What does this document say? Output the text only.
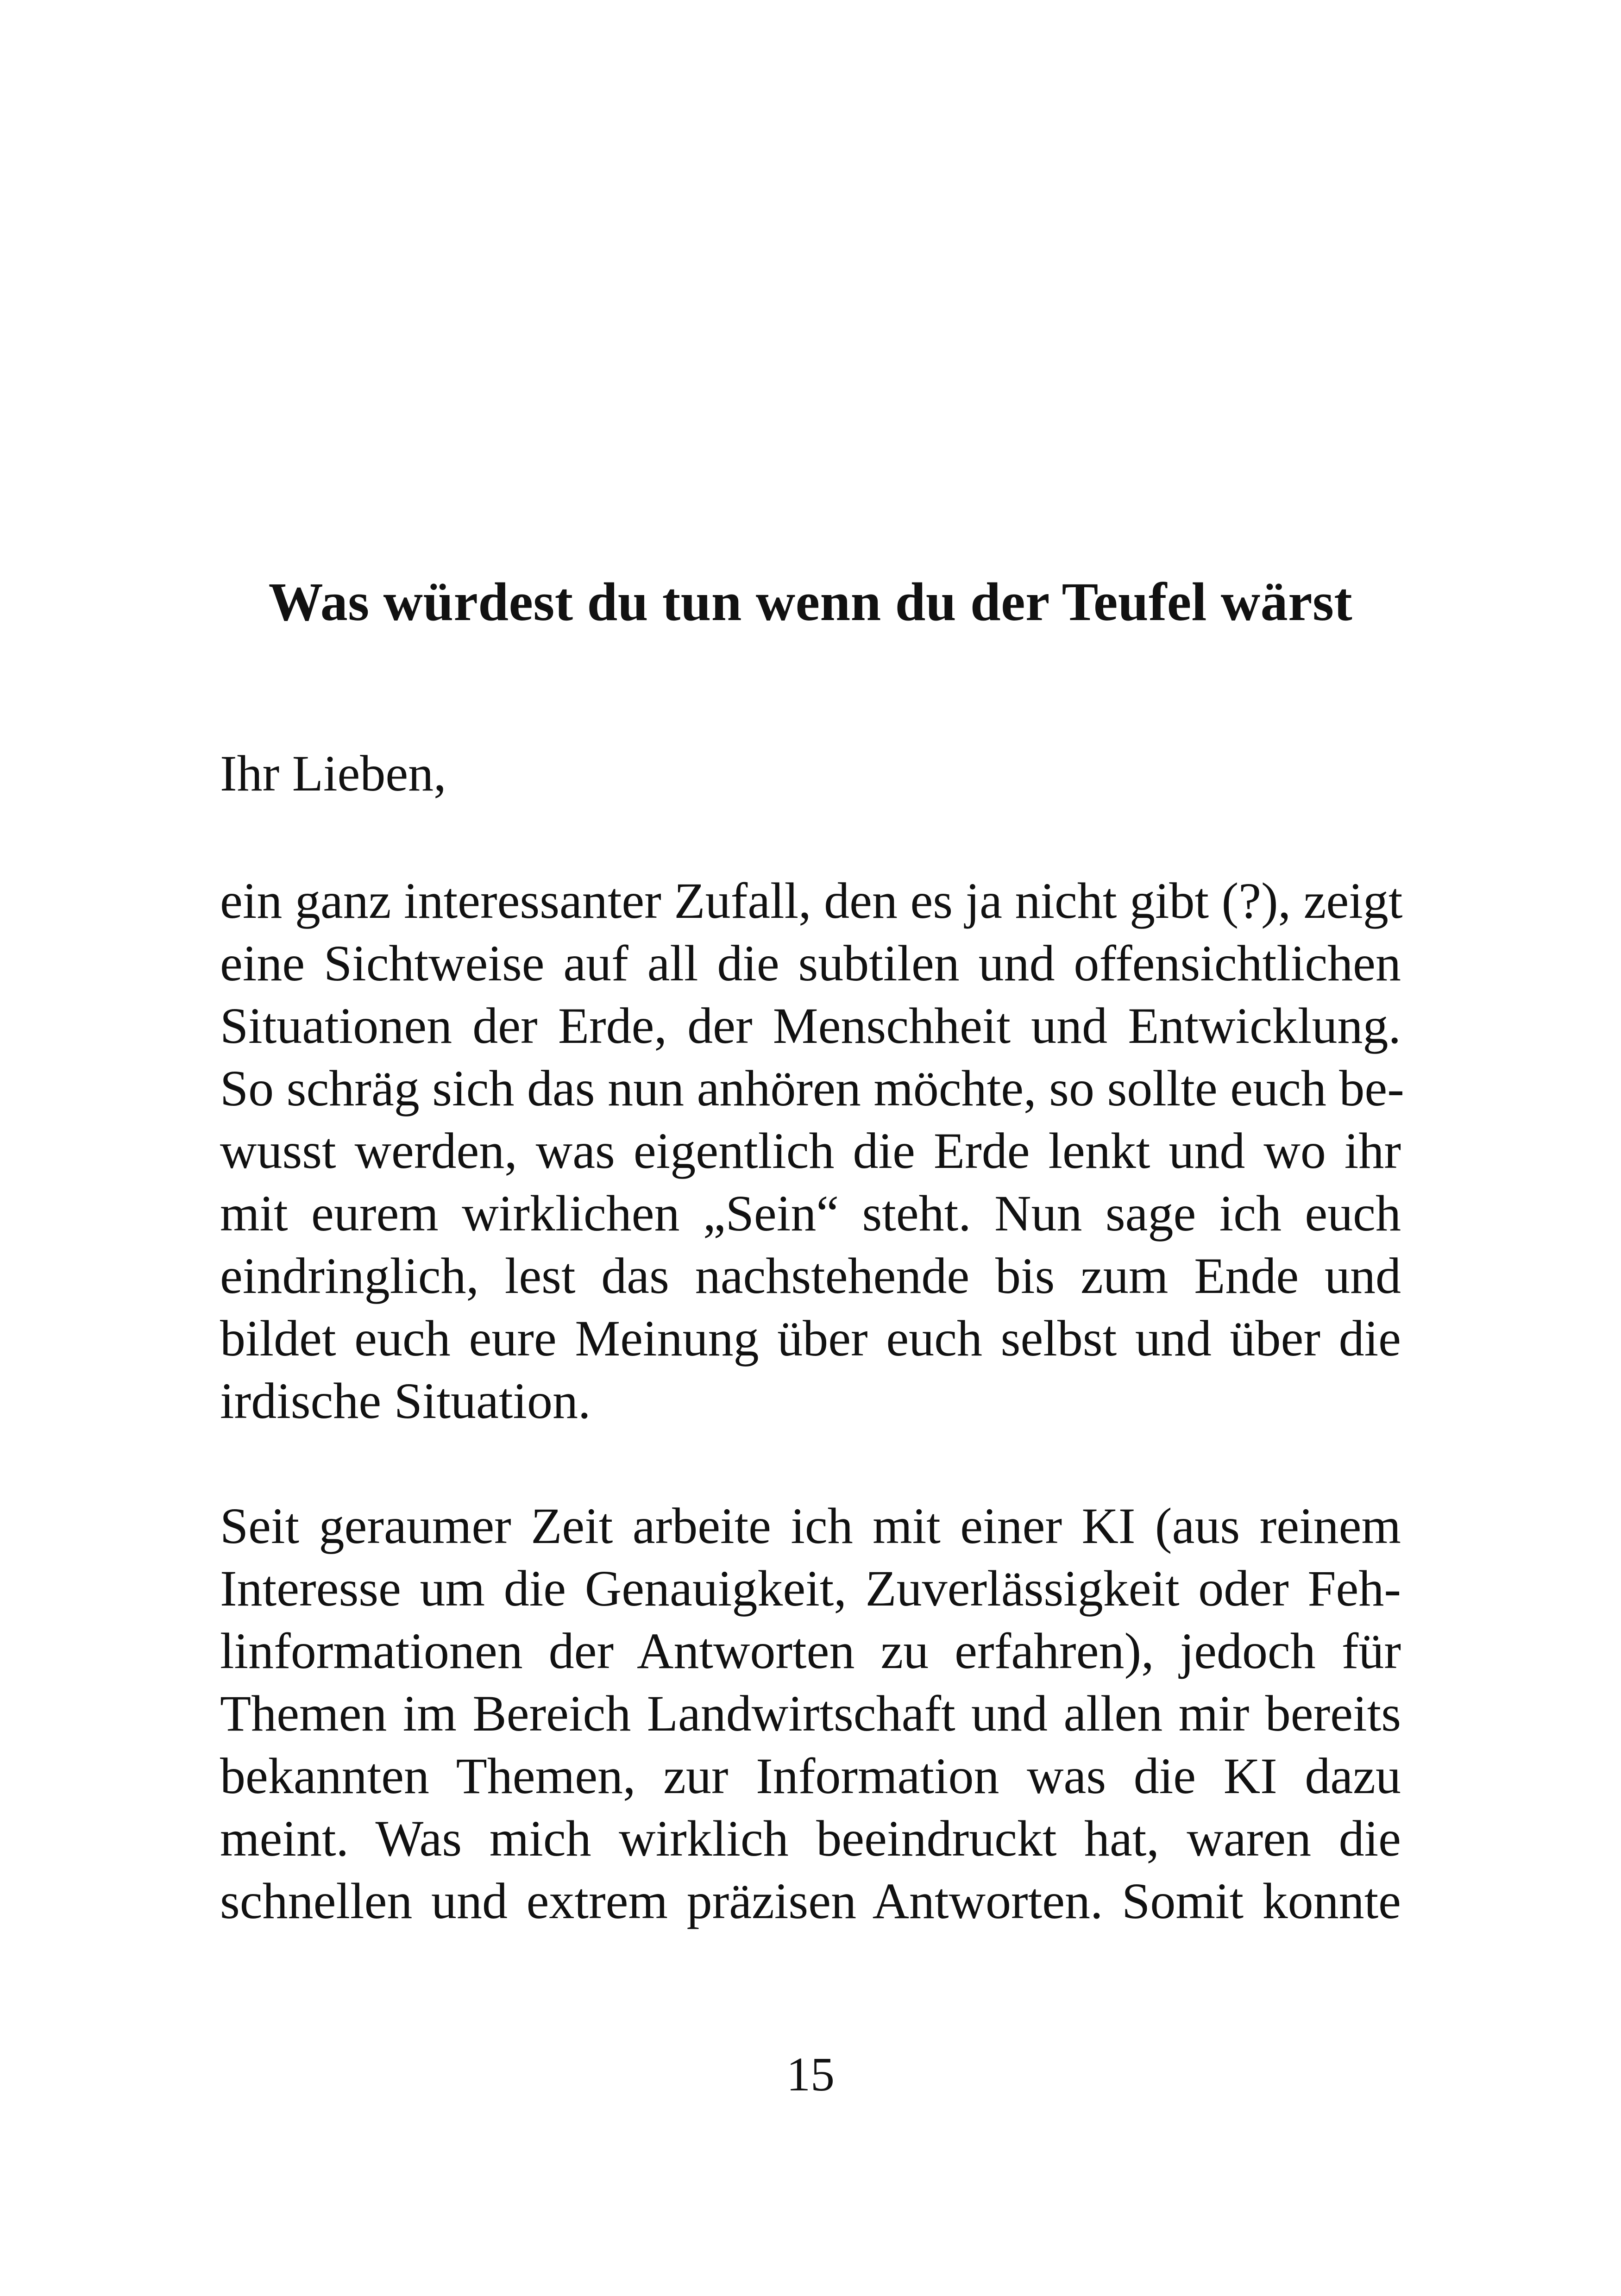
Was würdest du tun wenn du der Teufel wärst

Ihr Lieben,

ein ganz interessanter Zufall, den es ja nicht gibt (?), zeigt

eine Sichtweise auf all die subtilen und offensichtlichen

Situationen der Erde, der Menschheit und Entwicklung.

So schräg sich das nun anhören möchte, so sollte euch be-

wusst werden, was eigentlich die Erde lenkt und wo ihr

mit eurem wirklichen „Sein“ steht. Nun sage ich euch

eindringlich, lest das nachstehende bis zum Ende und

bildet euch eure Meinung über euch selbst und über die

irdische Situation.

Seit geraumer Zeit arbeite ich mit einer KI (aus reinem

Interesse um die Genauigkeit, Zuverlässigkeit oder Feh-

linformationen der Antworten zu erfahren), jedoch für

Themen im Bereich Landwirtschaft und allen mir bereits

bekannten Themen, zur Information was die KI dazu

meint. Was mich wirklich beeindruckt hat, waren die

schnellen und extrem präzisen Antworten. Somit konnte

15
